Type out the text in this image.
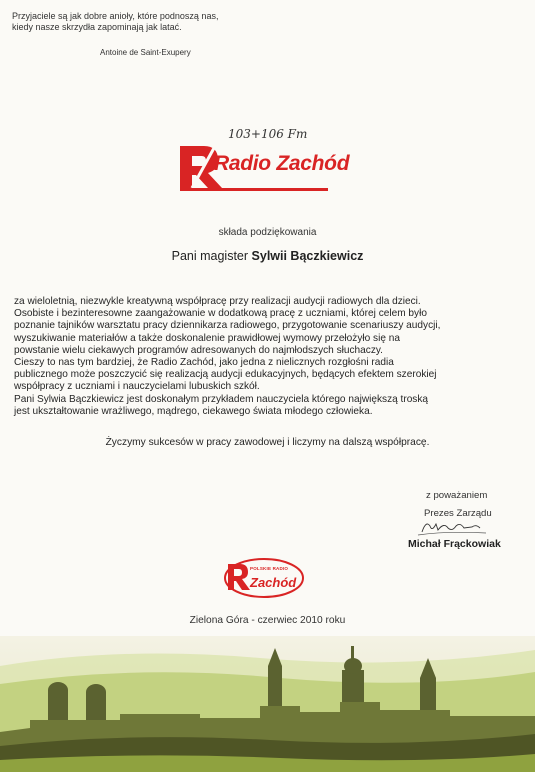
Przyjaciele są jak dobre anioły, które podnoszą nas,
kiedy nasze skrzydła zapominają jak latać.
Antoine de Saint-Exupery
103+106 Fm
Radio Zachód
składa podziękowania
Pani magister Sylwii Bączkiewicz

za wieloletnią, niezwykle kreatywną współpracę przy realizacji audycji radiowych dla dzieci.

Osobiste i bezinteresowne zaangażowanie w dodatkową pracę z uczniami, której celem było

poznanie tajników warsztatu pracy dziennikarza radiowego, przygotowanie scenariuszy audycji,

wyszukiwanie materiałów a także doskonalenie prawidłowej wymowy przełożyło się na

powstanie wielu ciekawych programów adresowanych do najmłodszych słuchaczy.

Cieszy to nas tym bardziej, że Radio Zachód, jako jedna z nielicznych rozgłośni radia

publicznego może poszczycić się realizacją audycji edukacyjnych, będących efektem szerokiej

współpracy z uczniami i nauczycielami lubuskich szkół.

Pani Sylwia Bączkiewicz jest doskonałym przykładem nauczyciela którego największą troską

jest ukształtowanie wrażliwego, mądrego, ciekawego świata młodego człowieka.

Życzymy sukcesów w pracy zawodowej i liczymy na dalszą współpracę.
z poważaniem
Prezes Zarządu
Michał Frąckowiak
POLSKIE RADIO
Zachód
Zielona Góra - czerwiec 2010 roku
